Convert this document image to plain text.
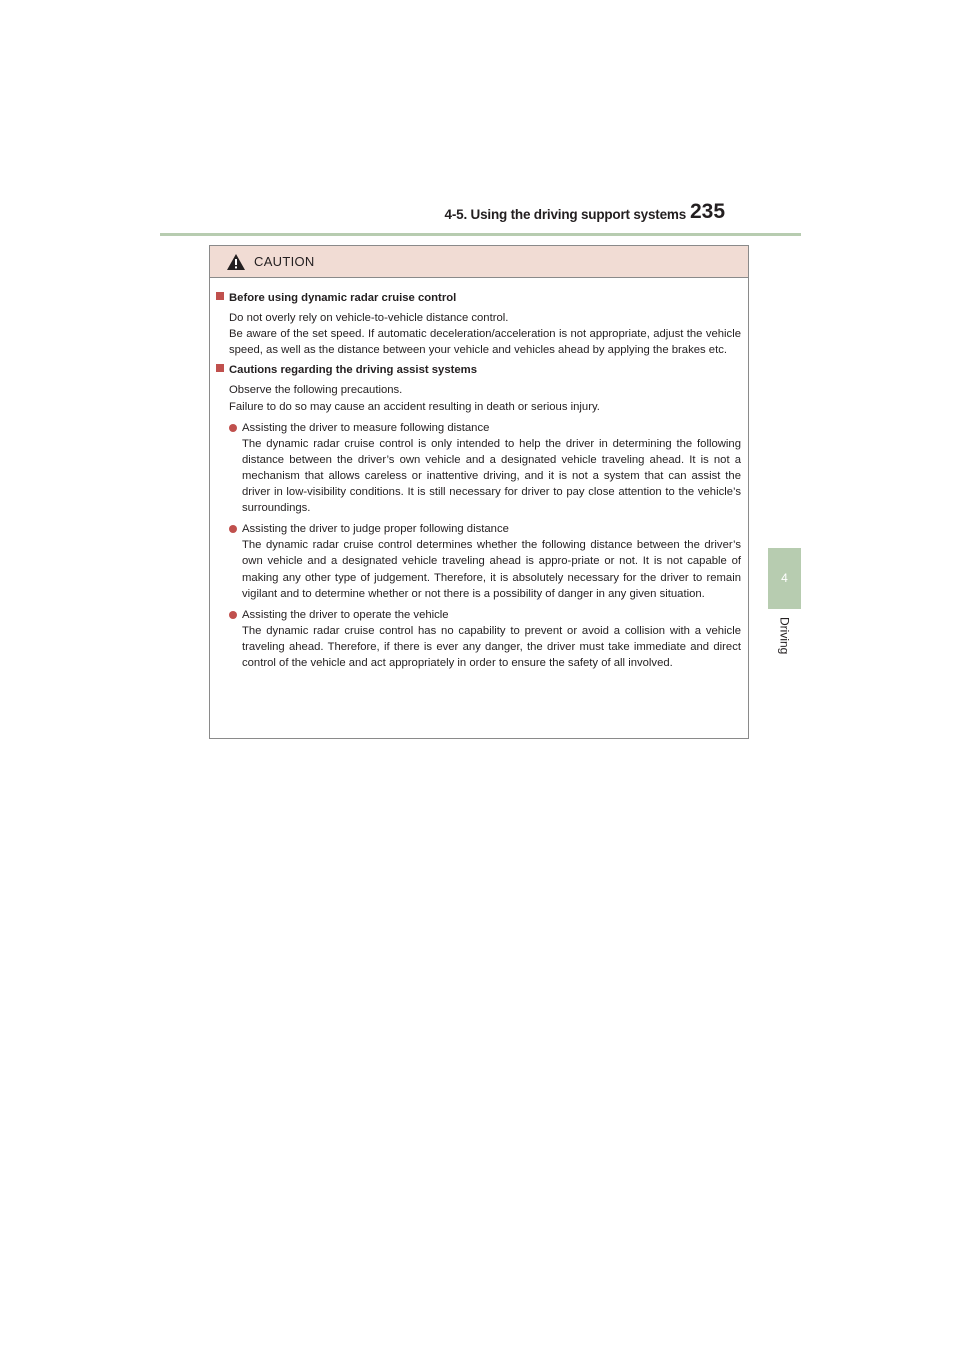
4-5. Using the driving support systems 235
4
Driving
CAUTION
Before using dynamic radar cruise control
Do not overly rely on vehicle-to-vehicle distance control.
Be aware of the set speed. If automatic deceleration/acceleration is not appropriate, adjust the vehicle speed, as well as the distance between your vehicle and vehicles ahead by applying the brakes etc.
Cautions regarding the driving assist systems
Observe the following precautions.
Failure to do so may cause an accident resulting in death or serious injury.
Assisting the driver to measure following distance
The dynamic radar cruise control is only intended to help the driver in determining the following distance between the driver’s own vehicle and a designated vehicle traveling ahead. It is not a mechanism that allows careless or inattentive driving, and it is not a system that can assist the driver in low-visibility conditions. It is still necessary for driver to pay close attention to the vehicle’s surroundings.
Assisting the driver to judge proper following distance
The dynamic radar cruise control determines whether the following distance between the driver’s own vehicle and a designated vehicle traveling ahead is appro-priate or not. It is not capable of making any other type of judgement. Therefore, it is absolutely necessary for the driver to remain vigilant and to determine whether or not there is a possibility of danger in any given situation.
Assisting the driver to operate the vehicle
The dynamic radar cruise control has no capability to prevent or avoid a collision with a vehicle traveling ahead. Therefore, if there is ever any danger, the driver must take immediate and direct control of the vehicle and act appropriately in order to ensure the safety of all involved.
